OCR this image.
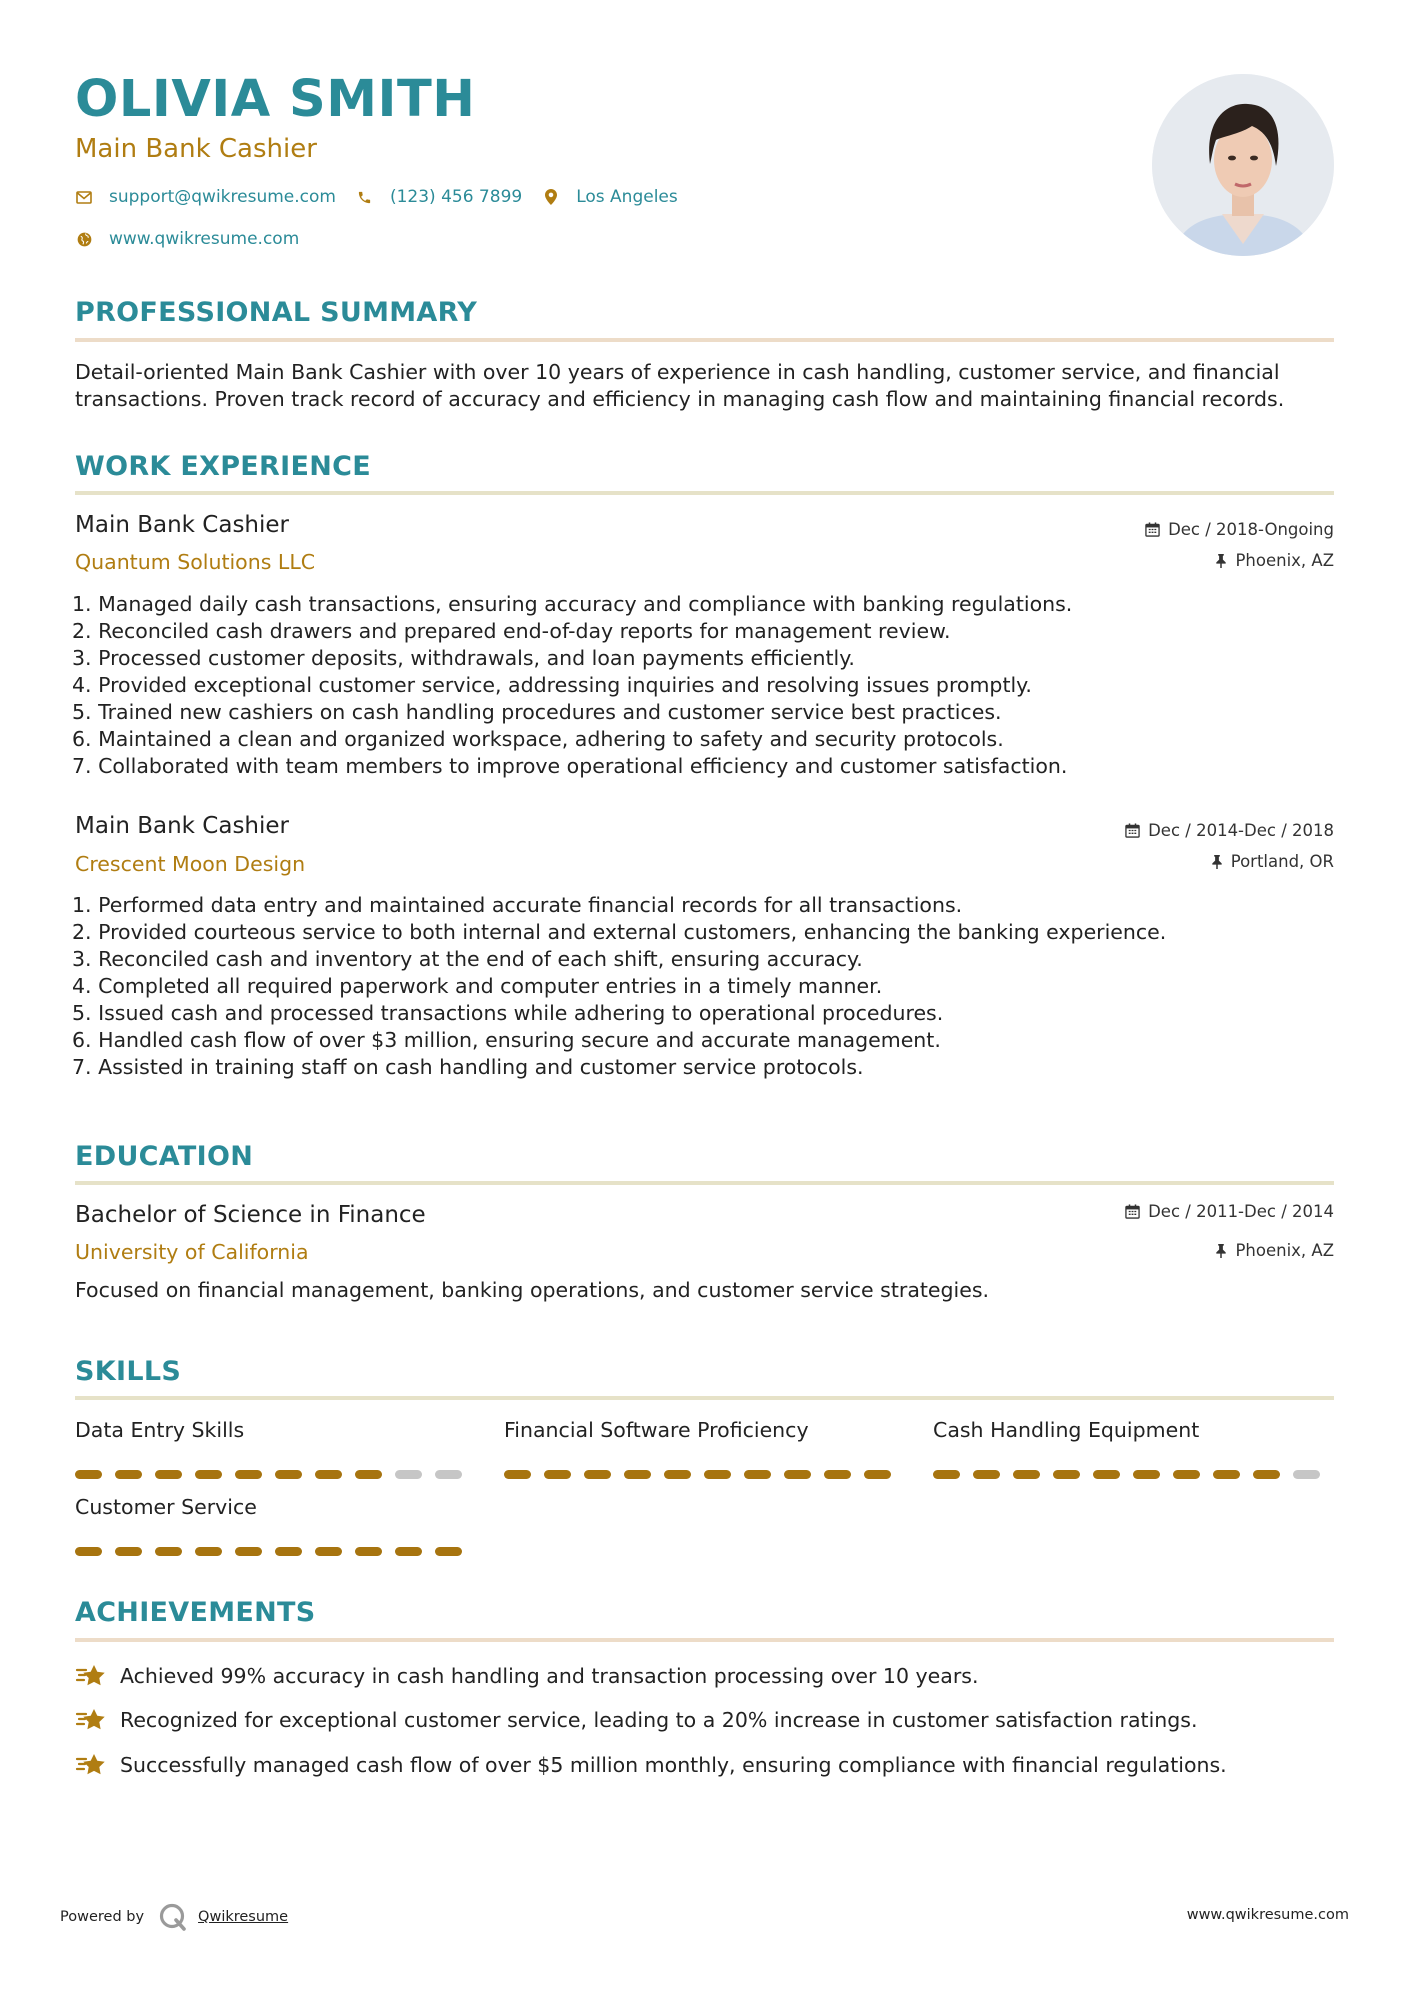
OLIVIA SMITH
Main Bank Cashier
support@qwikresume.com	(123) 456 7899	Los Angeles
www.qwikresume.com
PROFESSIONAL SUMMARY
Detail-oriented Main Bank Cashier with over 10 years of experience in cash handling, customer service, and financial
transactions. Proven track record of accuracy and efficiency in managing cash flow and maintaining financial records.
WORK EXPERIENCE
Main Bank Cashier
Quantum Solutions LLC
Dec / 2018-Ongoing
Phoenix, AZ
1. Managed daily cash transactions, ensuring accuracy and compliance with banking regulations.
2. Reconciled cash drawers and prepared end-of-day reports for management review.
3. Processed customer deposits, withdrawals, and loan payments efficiently.
4. Provided exceptional customer service, addressing inquiries and resolving issues promptly.
5. Trained new cashiers on cash handling procedures and customer service best practices.
6. Maintained a clean and organized workspace, adhering to safety and security protocols.
7. Collaborated with team members to improve operational efficiency and customer satisfaction.
Main Bank Cashier
Crescent Moon Design
Dec / 2014-Dec / 2018
Portland, OR
1. Performed data entry and maintained accurate financial records for all transactions.
2. Provided courteous service to both internal and external customers, enhancing the banking experience.
3. Reconciled cash and inventory at the end of each shift, ensuring accuracy.
4. Completed all required paperwork and computer entries in a timely manner.
5. Issued cash and processed transactions while adhering to operational procedures.
6. Handled cash flow of over $3 million, ensuring secure and accurate management.
7. Assisted in training staff on cash handling and customer service protocols.
EDUCATION
Bachelor of Science in Finance
University of California
Dec / 2011-Dec / 2014
Phoenix, AZ
Focused on financial management, banking operations, and customer service strategies.
SKILLS
Data Entry Skills	Financial Software Proficiency	Cash Handling Equipment
Customer Service
ACHIEVEMENTS
Achieved 99% accuracy in cash handling and transaction processing over 10 years.
Recognized for exceptional customer service, leading to a 20% increase in customer satisfaction ratings.
Successfully managed cash flow of over $5 million monthly, ensuring compliance with financial regulations.
Powered by	Qwikresume	www.qwikresume.com
